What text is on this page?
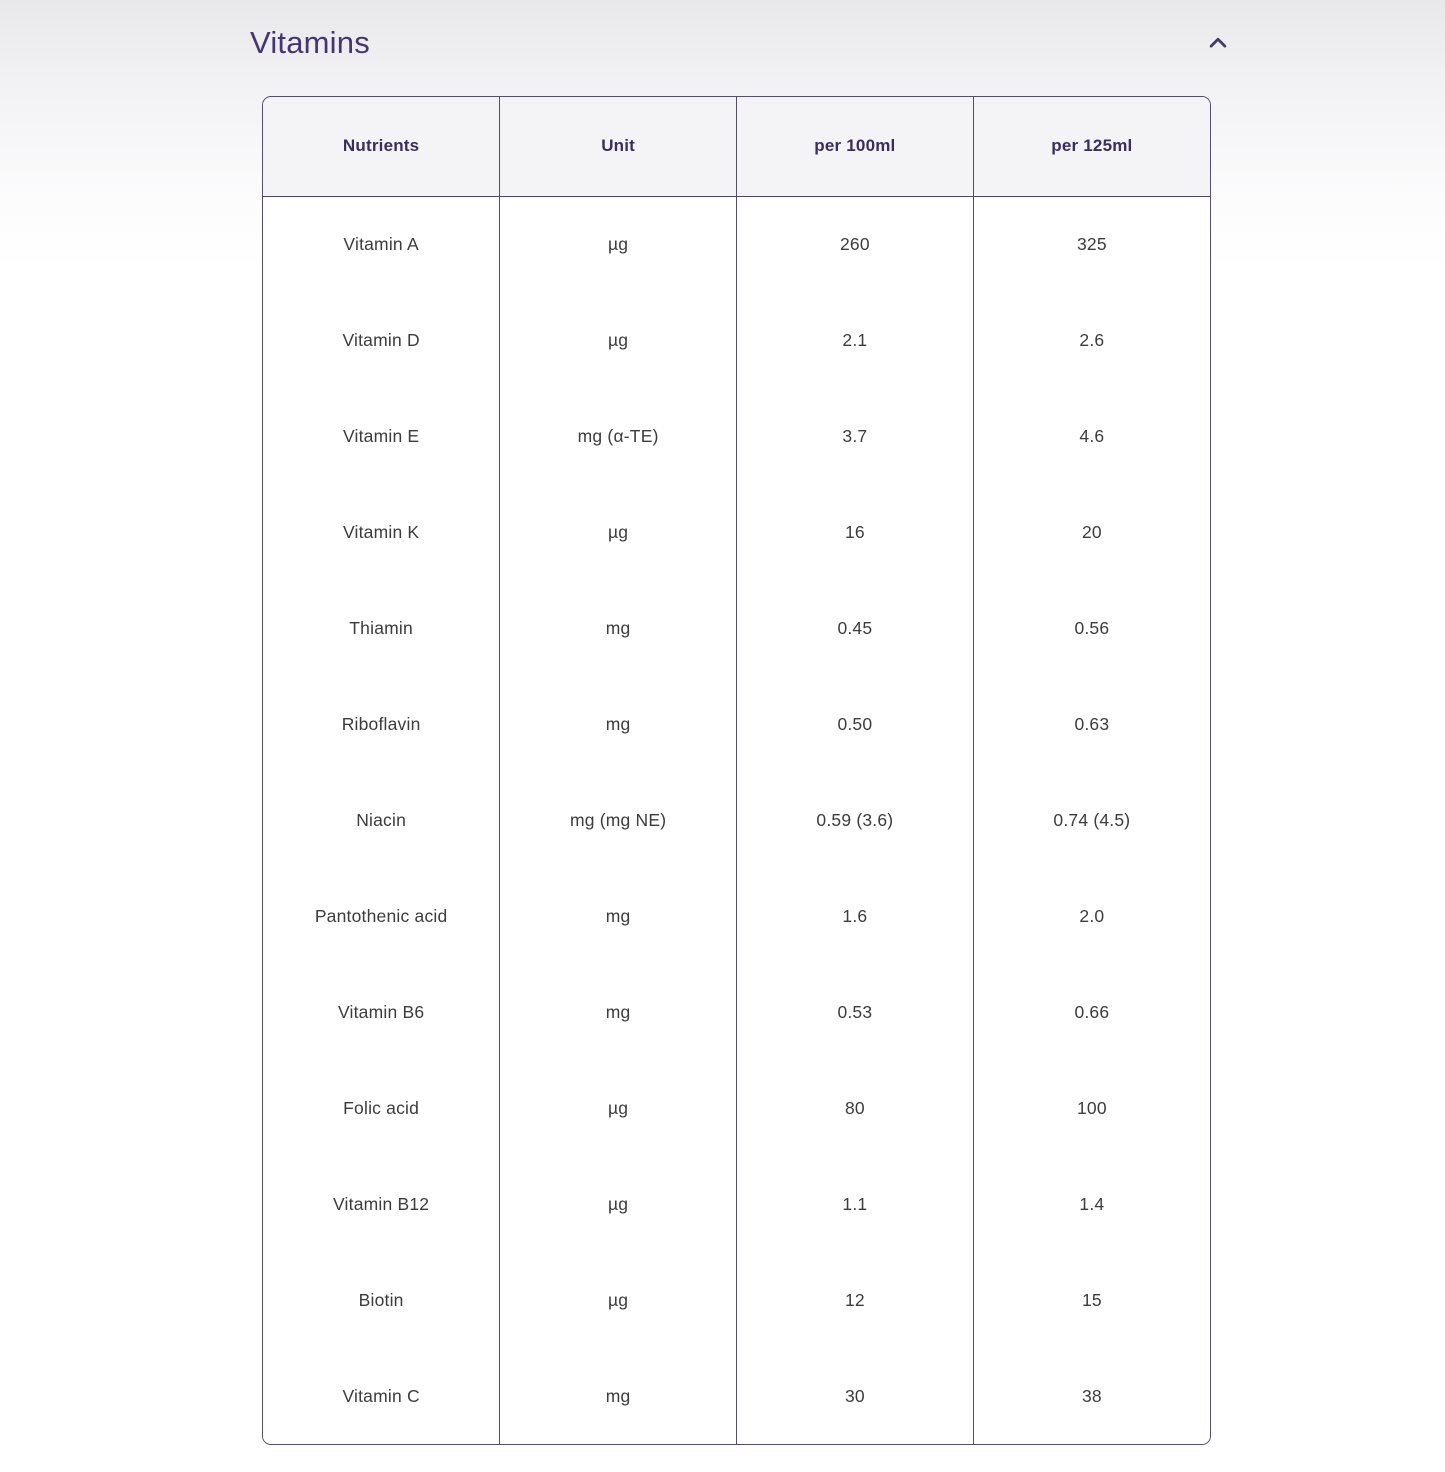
Vitamins
Nutrients	Unit	per 100ml	per 125ml
Vitamin A	µg	260	325
Vitamin D	µg	2.1	2.6
Vitamin E	mg (α-TE)	3.7	4.6
Vitamin K	µg	16	20
Thiamin	mg	0.45	0.56
Riboflavin	mg	0.50	0.63
Niacin	mg (mg NE)	0.59 (3.6)	0.74 (4.5)
Pantothenic acid	mg	1.6	2.0
Vitamin B6	mg	0.53	0.66
Folic acid	µg	80	100
Vitamin B12	µg	1.1	1.4
Biotin	µg	12	15
Vitamin C	mg	30	38
